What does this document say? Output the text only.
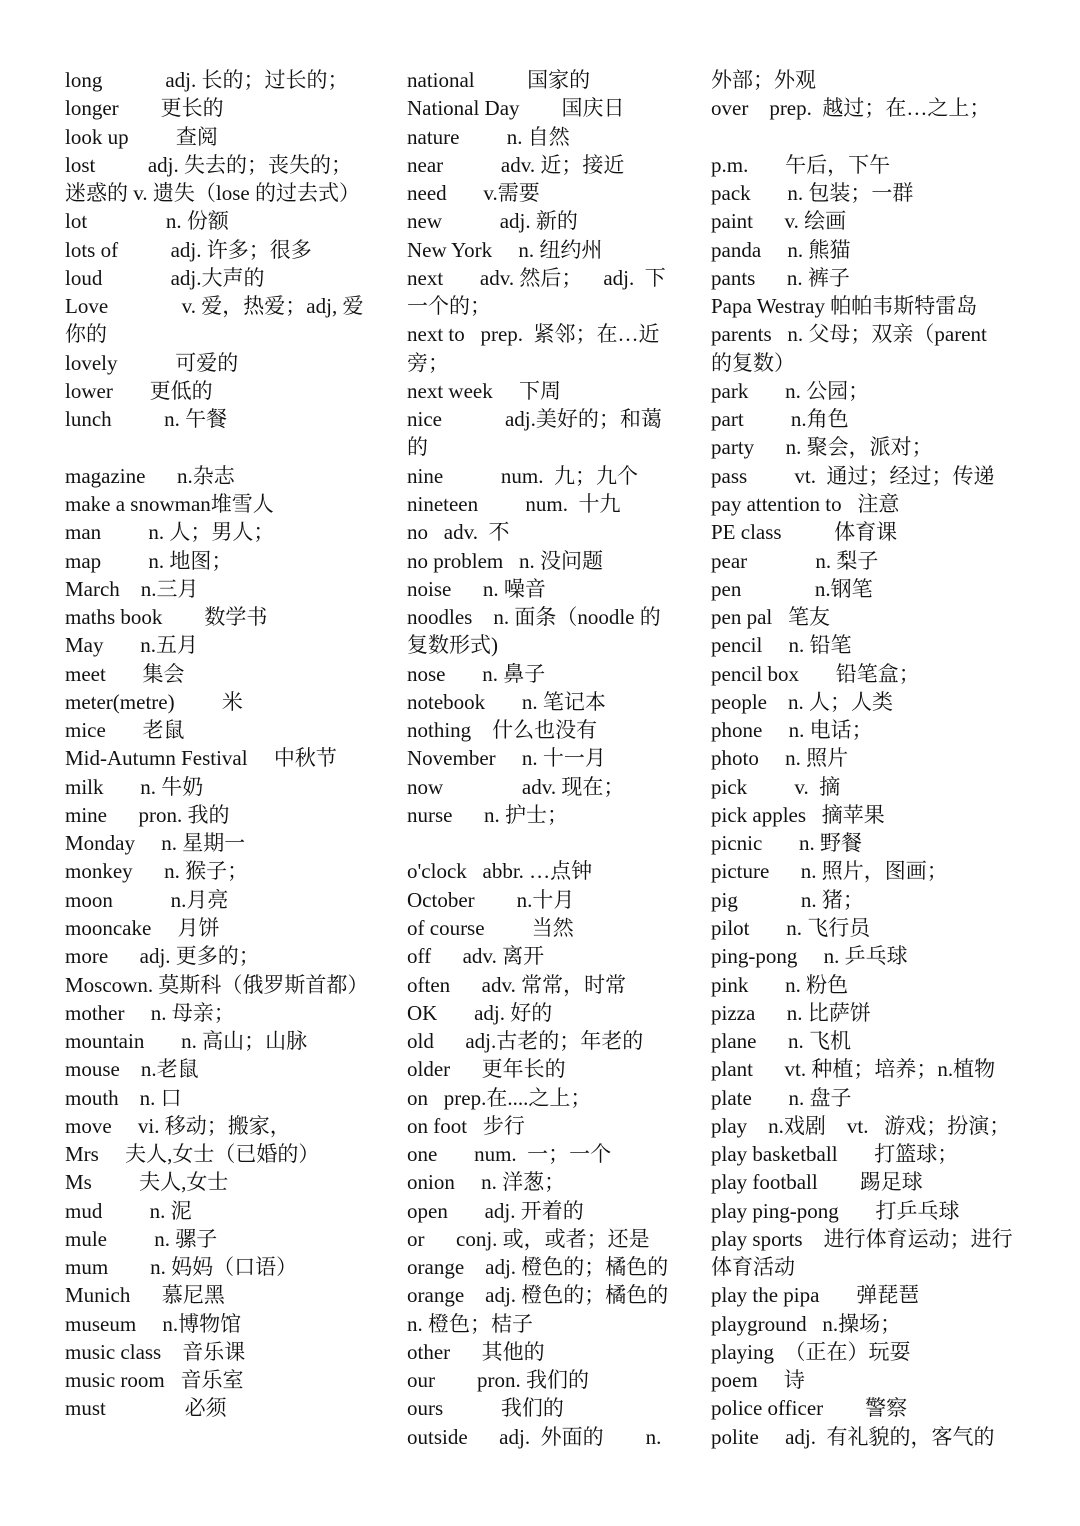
long            adj. 长的；过长的；
longer        更长的
look up         查阅
lost          adj. 失去的；丧失的；
迷惑的 v. 遗失（lose 的过去式）
lot               n. 份额
lots of          adj. 许多；很多
loud             adj.大声的
Love              v. 爱，热爱；adj, 爱
你的
lovely           可爱的
lower       更低的
lunch          n. 午餐
magazine      n.杂志
make a snowman堆雪人
man         n. 人；男人；
map         n. 地图；
March    n.三月
maths book        数学书
May       n.五月
meet       集会
meter(metre)         米
mice       老鼠
Mid-Autumn Festival     中秋节
milk       n. 牛奶
mine      pron. 我的
Monday     n. 星期一
monkey      n. 猴子；
moon           n.月亮
mooncake     月饼
more      adj. 更多的；
Moscown. 莫斯科（俄罗斯首都）
mother     n. 母亲；
mountain       n. 高山；山脉
mouse    n.老鼠
mouth    n. 口
move     vi. 移动；搬家，
Mrs     夫人,女士（已婚的）
Ms         夫人,女士
mud         n. 泥
mule         n. 骡子
mum        n. 妈妈（口语）
Munich      慕尼黑
museum     n.博物馆
music class    音乐课
music room   音乐室
must               必须
national          国家的
National Day        国庆日
nature         n. 自然
near           adv. 近；接近
need       v.需要
new           adj. 新的
New York     n. 纽约州
next       adv. 然后；    adj.  下
一个的；
next to   prep.  紧邻；在…近
旁；
next week     下周
nice            adj.美好的；和蔼
的
nine           num.  九；九个
nineteen         num.  十九
no   adv.  不
no problem   n. 没问题
noise      n. 噪音
noodles    n. 面条（noodle 的
复数形式)
nose       n. 鼻子
notebook       n. 笔记本
nothing    什么也没有
November     n. 十一月
now               adv. 现在；
nurse      n. 护士；
o'clock   abbr. …点钟
October        n.十月
of course         当然
off      adv. 离开
often      adv. 常常，时常
OK       adj. 好的
old      adj.古老的；年老的
older      更年长的
on   prep.在....之上；
on foot   步行
one       num.  一；一个
onion     n. 洋葱；
open       adj. 开着的
or      conj. 或，或者；还是
orange    adj. 橙色的；橘色的
orange    adj. 橙色的；橘色的
n. 橙色；桔子
other      其他的
our        pron. 我们的
ours           我们的
outside      adj.  外面的        n.
外部；外观
over    prep.  越过；在…之上；
p.m.       午后，下午
pack       n. 包装；一群
paint      v. 绘画
panda     n. 熊猫
pants      n. 裤子
Papa Westray 帕帕韦斯特雷岛
parents   n. 父母；双亲（parent
的复数）
park       n. 公园；
part         n.角色
party      n. 聚会，派对；
pass         vt.  通过；经过；传递
pay attention to   注意
PE class          体育课
pear             n. 梨子
pen              n.钢笔
pen pal   笔友
pencil     n. 铅笔
pencil box       铅笔盒；
people    n. 人；人类
phone     n. 电话；
photo     n. 照片
pick         v.  摘
pick apples   摘苹果
picnic       n. 野餐
picture      n. 照片，图画；
pig            n. 猪；
pilot       n. 飞行员
ping-pong     n. 乒乓球
pink       n. 粉色
pizza      n. 比萨饼
plane      n. 飞机
plant      vt. 种植；培养；n.植物
plate       n. 盘子
play    n.戏剧    vt.   游戏；扮演；
play basketball       打篮球；
play football        踢足球
play ping-pong       打乒乓球
play sports    进行体育运动；进行
体育活动
play the pipa       弹琵琶
playground   n.操场；
playing  （正在）玩耍
poem     诗
police officer        警察
polite     adj.  有礼貌的，客气的
